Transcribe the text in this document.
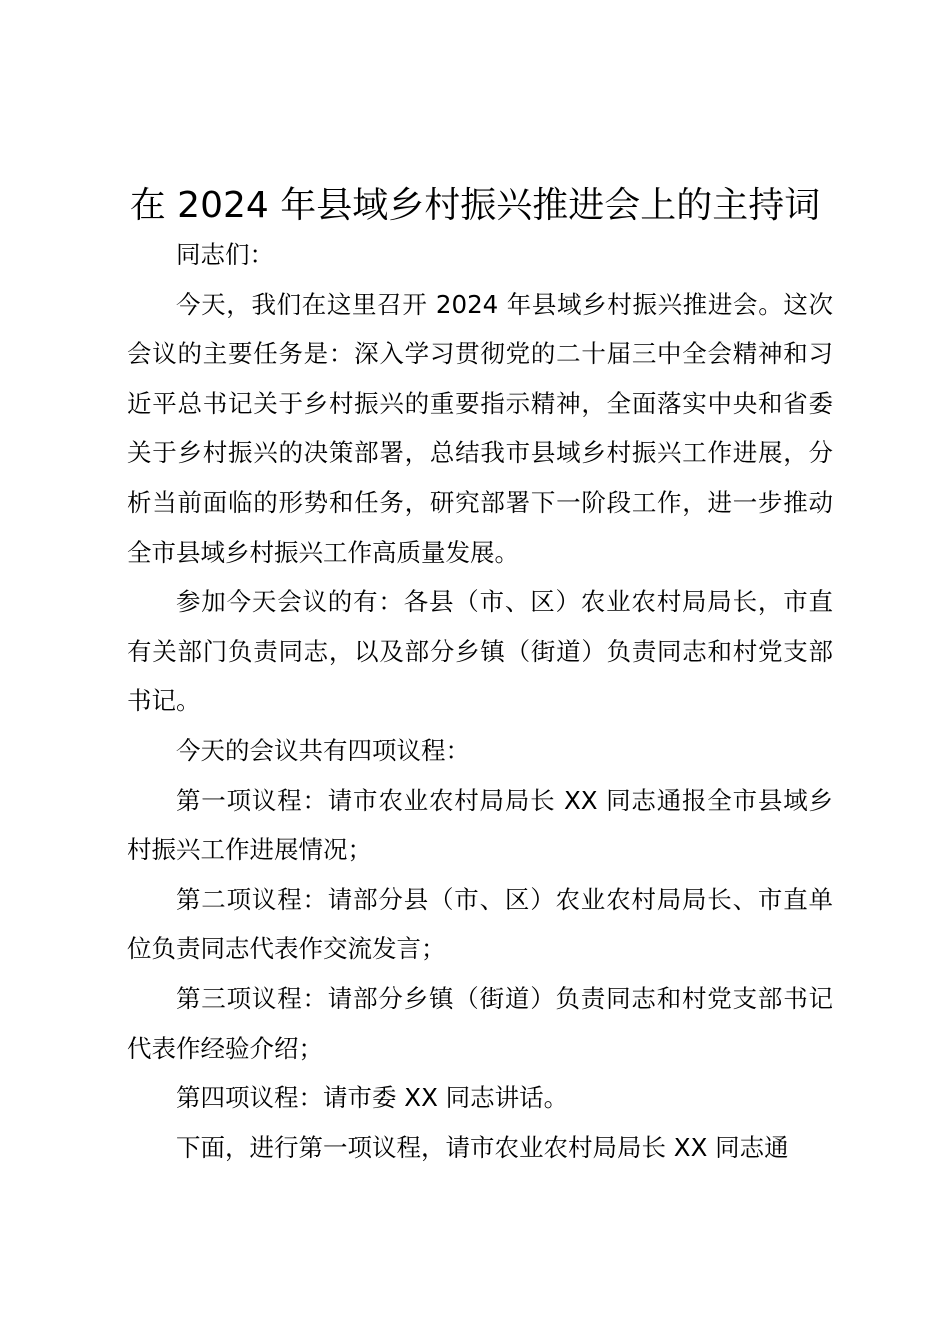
在 2024 年县域乡村振兴推进会上的主持词

同志们：

今天，我们在这里召开 2024 年县域乡村振兴推进会。这次会议的主要任务是：深入学习贯彻党的二十届三中全会精神和习近平总书记关于乡村振兴的重要指示精神，全面落实中央和省委关于乡村振兴的决策部署，总结我市县域乡村振兴工作进展，分析当前面临的形势和任务，研究部署下一阶段工作，进一步推动全市县域乡村振兴工作高质量发展。

参加今天会议的有：各县（市、区）农业农村局局长，市直有关部门负责同志，以及部分乡镇（街道）负责同志和村党支部书记。

今天的会议共有四项议程：

第一项议程：请市农业农村局局长 XX 同志通报全市县域乡村振兴工作进展情况；

第二项议程：请部分县（市、区）农业农村局局长、市直单位负责同志代表作交流发言；

第三项议程：请部分乡镇（街道）负责同志和村党支部书记代表作经验介绍；

第四项议程：请市委 XX 同志讲话。

下面，进行第一项议程，请市农业农村局局长 XX 同志通
